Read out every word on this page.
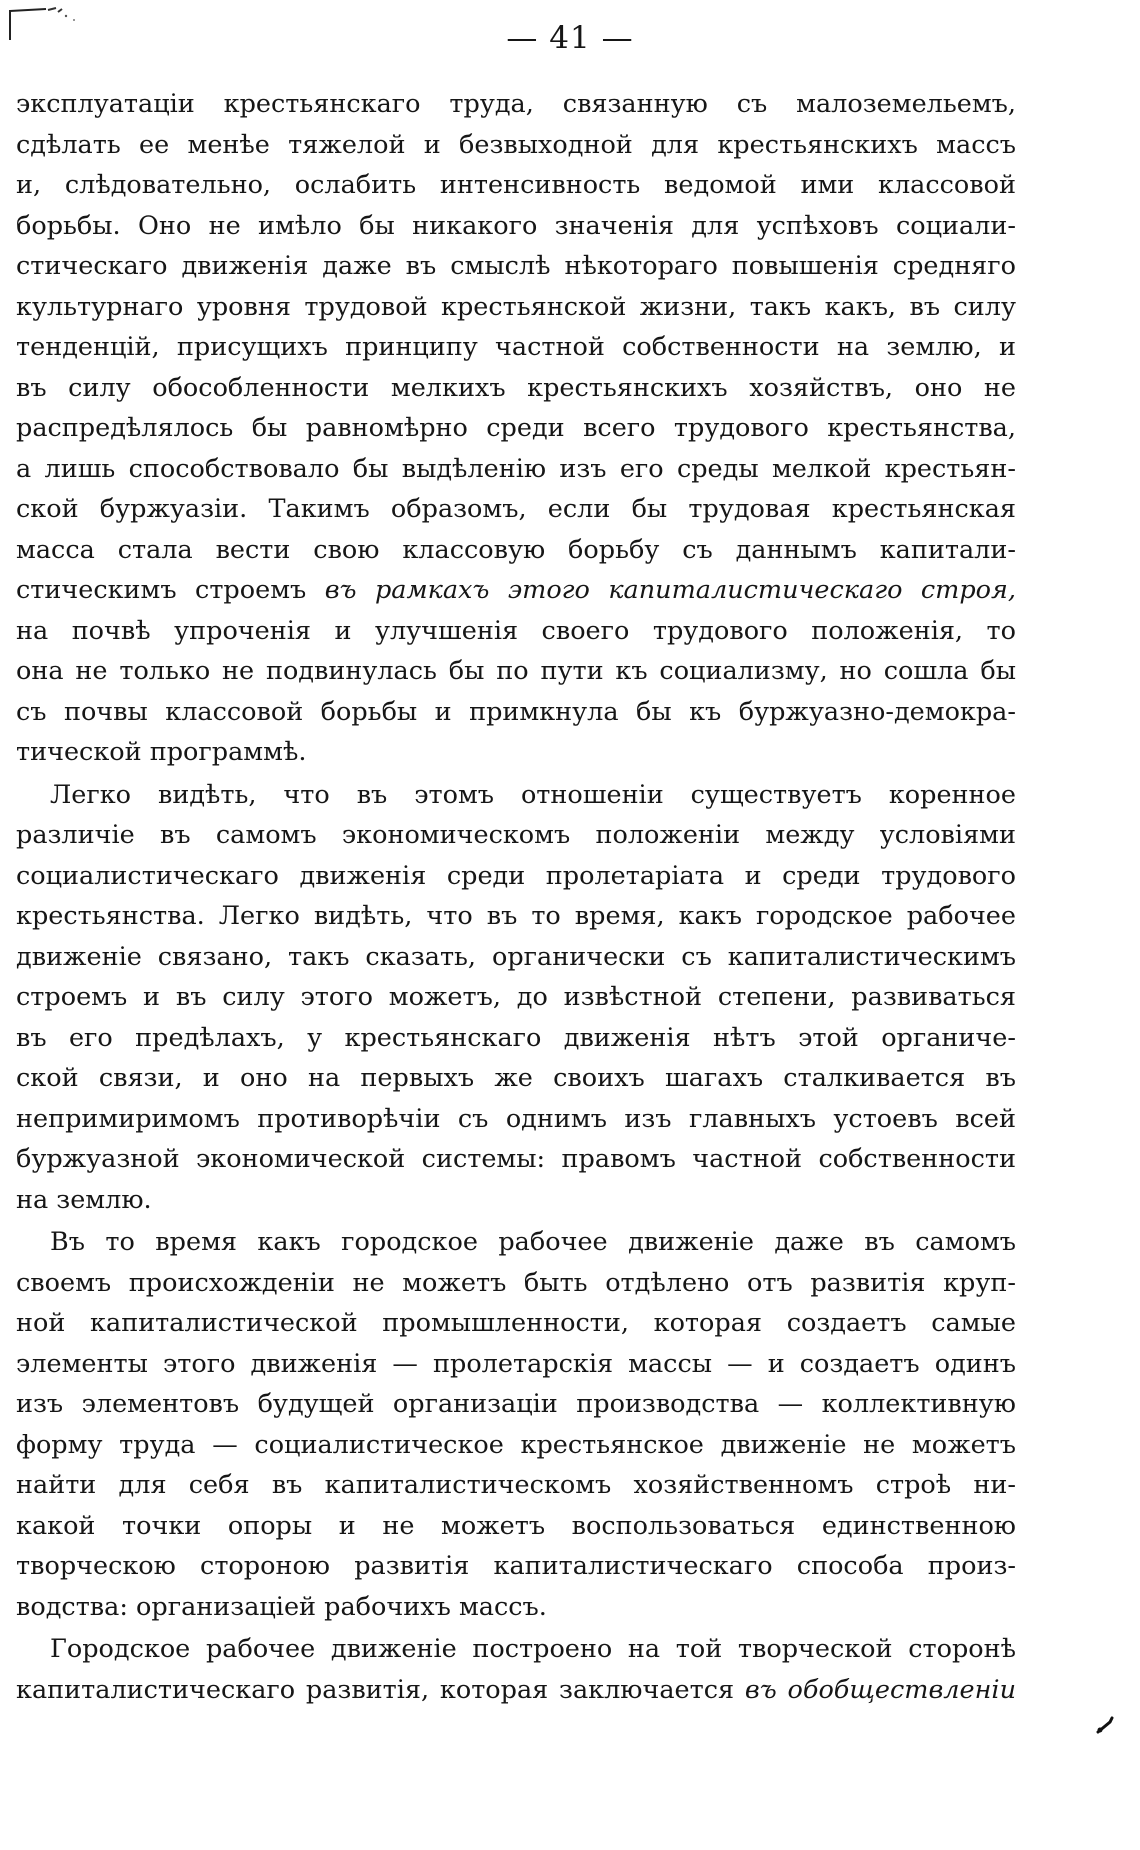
— 41 —
эксплуатацiи крестьянскаго труда, связанную съ малоземельемъ,
сдѣлать ее менѣе тяжелой и безвыходной для крестьянскихъ массъ
и, слѣдовательно, ослабить интенсивность ведомой ими классовой
борьбы. Оно не имѣло бы никакого значенiя для успѣховъ социали-
стическаго движенiя даже въ смыслѣ нѣкотораго повышенiя средняго
культурнаго уровня трудовой крестьянской жизни, такъ какъ, въ силу
тенденцiй, присущихъ принципу частной собственности на землю, и
въ силу обособленности мелкихъ крестьянскихъ хозяйствъ, оно не
распредѣлялось бы равномѣрно среди всего трудового крестьянства,
а лишь способствовало бы выдѣленiю изъ его среды мелкой крестьян-
ской буржуазiи. Такимъ образомъ, если бы трудовая крестьянская
масса стала вести свою классовую борьбу съ даннымъ капитали-
стическимъ строемъ въ рамкахъ этого капиталистическаго строя,
на почвѣ упроченiя и улучшенiя своего трудового положенiя, то
она не только не подвинулась бы по пути къ социализму, но сошла бы
съ почвы классовой борьбы и примкнула бы къ буржуазно-демокра-
тической программѣ.
Легко видѣть, что въ этомъ отношенiи существуетъ коренное
различiе въ самомъ экономическомъ положенiи между условiями
социалистическаго движенiя среди пролетарiата и среди трудового
крестьянства. Легко видѣть, что въ то время, какъ городское рабочее
движенiе связано, такъ сказать, органически съ капиталистическимъ
строемъ и въ силу этого можетъ, до извѣстной степени, развиваться
въ его предѣлахъ, у крестьянскаго движенiя нѣтъ этой органиче-
ской связи, и оно на первыхъ же своихъ шагахъ сталкивается въ
непримиримомъ противорѣчiи съ однимъ изъ главныхъ устоевъ всей
буржуазной экономической системы: правомъ частной собственности
на землю.
Въ то время какъ городское рабочее движенiе даже въ самомъ
своемъ происхожденiи не можетъ быть отдѣлено отъ развитiя круп-
ной капиталистической промышленности, которая создаетъ самые
элементы этого движенiя — пролетарскiя массы — и создаетъ одинъ
изъ элементовъ будущей организацiи производства — коллективную
форму труда — социалистическое крестьянское движенiе не можетъ
найти для себя въ капиталистическомъ хозяйственномъ строѣ ни-
какой точки опоры и не можетъ воспользоваться единственною
творческою стороною развитiя капиталистическаго способа произ-
водства: организацiей рабочихъ массъ.
Городское рабочее движенiе построено на той творческой сторонѣ
капиталистическаго развитiя, которая заключается въ обобществленiи
